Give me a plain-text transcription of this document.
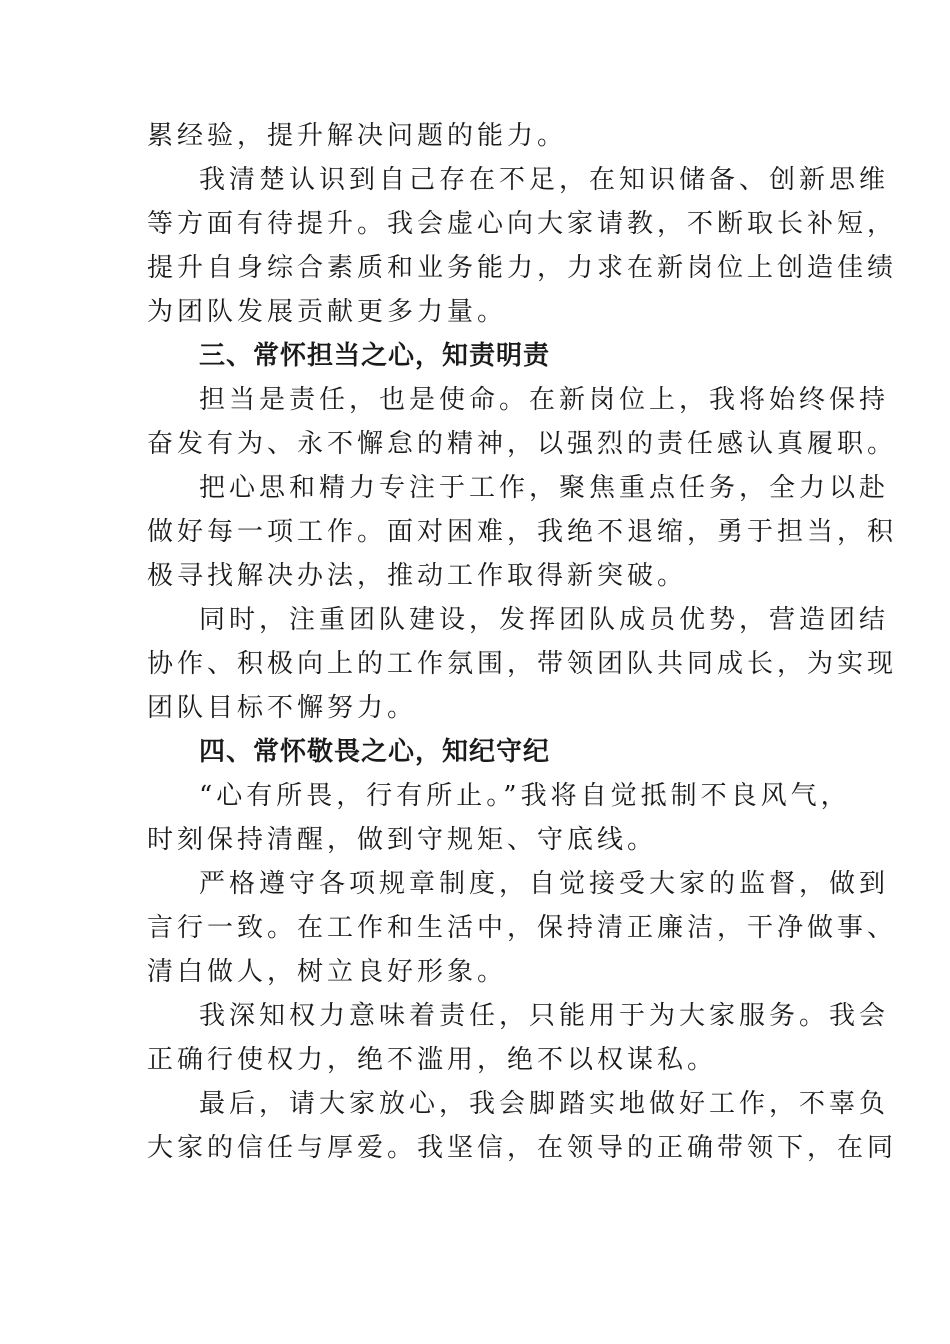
累经验，提升解决问题的能力。
我清楚认识到自己存在不足，在知识储备、创新思维
等方面有待提升。我会虚心向大家请教，不断取长补短，
提升自身综合素质和业务能力，力求在新岗位上创造佳绩
为团队发展贡献更多力量。
三、常怀担当之心，知责明责
担当是责任，也是使命。在新岗位上，我将始终保持
奋发有为、永不懈怠的精神，以强烈的责任感认真履职。
把心思和精力专注于工作，聚焦重点任务，全力以赴
做好每一项工作。面对困难，我绝不退缩，勇于担当，积
极寻找解决办法，推动工作取得新突破。
同时，注重团队建设，发挥团队成员优势，营造团结
协作、积极向上的工作氛围，带领团队共同成长，为实现
团队目标不懈努力。
四、常怀敬畏之心，知纪守纪
“心有所畏，行有所止。”我将自觉抵制不良风气，
时刻保持清醒，做到守规矩、守底线。
严格遵守各项规章制度，自觉接受大家的监督，做到
言行一致。在工作和生活中，保持清正廉洁，干净做事、
清白做人，树立良好形象。
我深知权力意味着责任，只能用于为大家服务。我会
正确行使权力，绝不滥用，绝不以权谋私。
最后，请大家放心，我会脚踏实地做好工作，不辜负
大家的信任与厚爱。我坚信，在领导的正确带领下，在同
